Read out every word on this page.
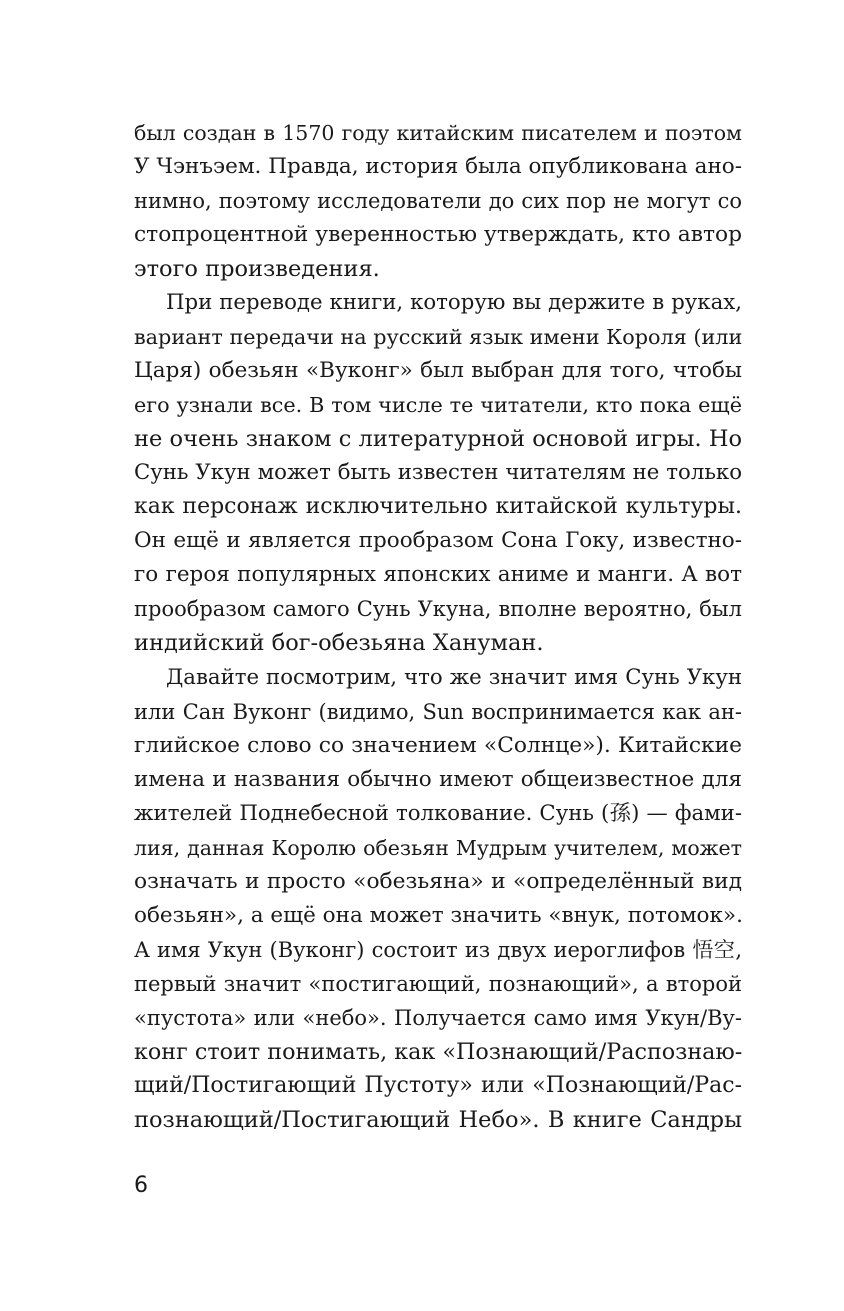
был создан в 1570 году китайским писателем и поэтом
У Чэнъэем. Правда, история была опубликована ано-
нимно, поэтому исследователи до сих пор не могут со
стопроцентной уверенностью утверждать, кто автор
этого произведения.
При переводе книги, которую вы держите в руках,
вариант передачи на русский язык имени Короля (или
Царя) обезьян «Вуконг» был выбран для того, чтобы
его узнали все. В том числе те читатели, кто пока ещё
не очень знаком с литературной основой игры. Но
Сунь Укун может быть известен читателям не только
как персонаж исключительно китайской культуры.
Он ещё и является прообразом Сона Гоку, известно-
го героя популярных японских аниме и манги. А вот
прообразом самого Сунь Укуна, вполне вероятно, был
индийский бог-обезьяна Хануман.
Давайте посмотрим, что же значит имя Сунь Укун
или Сан Вуконг (видимо, Sun воспринимается как ан-
глийское слово со значением «Солнце»). Китайские
имена и названия обычно имеют общеизвестное для
жителей Поднебесной толкование. Сунь (孫) — фами-
лия, данная Королю обезьян Мудрым учителем, может
означать и просто «обезьяна» и «определённый вид
обезьян», а ещё она может значить «внук, потомок».
А имя Укун (Вуконг) состоит из двух иероглифов 悟空,
первый значит «постигающий, познающий», а второй
«пустота» или «небо». Получается само имя Укун/Ву-
конг стоит понимать, как «Познающий/Распознаю-
щий/Постигающий Пустоту» или «Познающий/Рас-
познающий/Постигающий Небо». В книге Сандры
6
